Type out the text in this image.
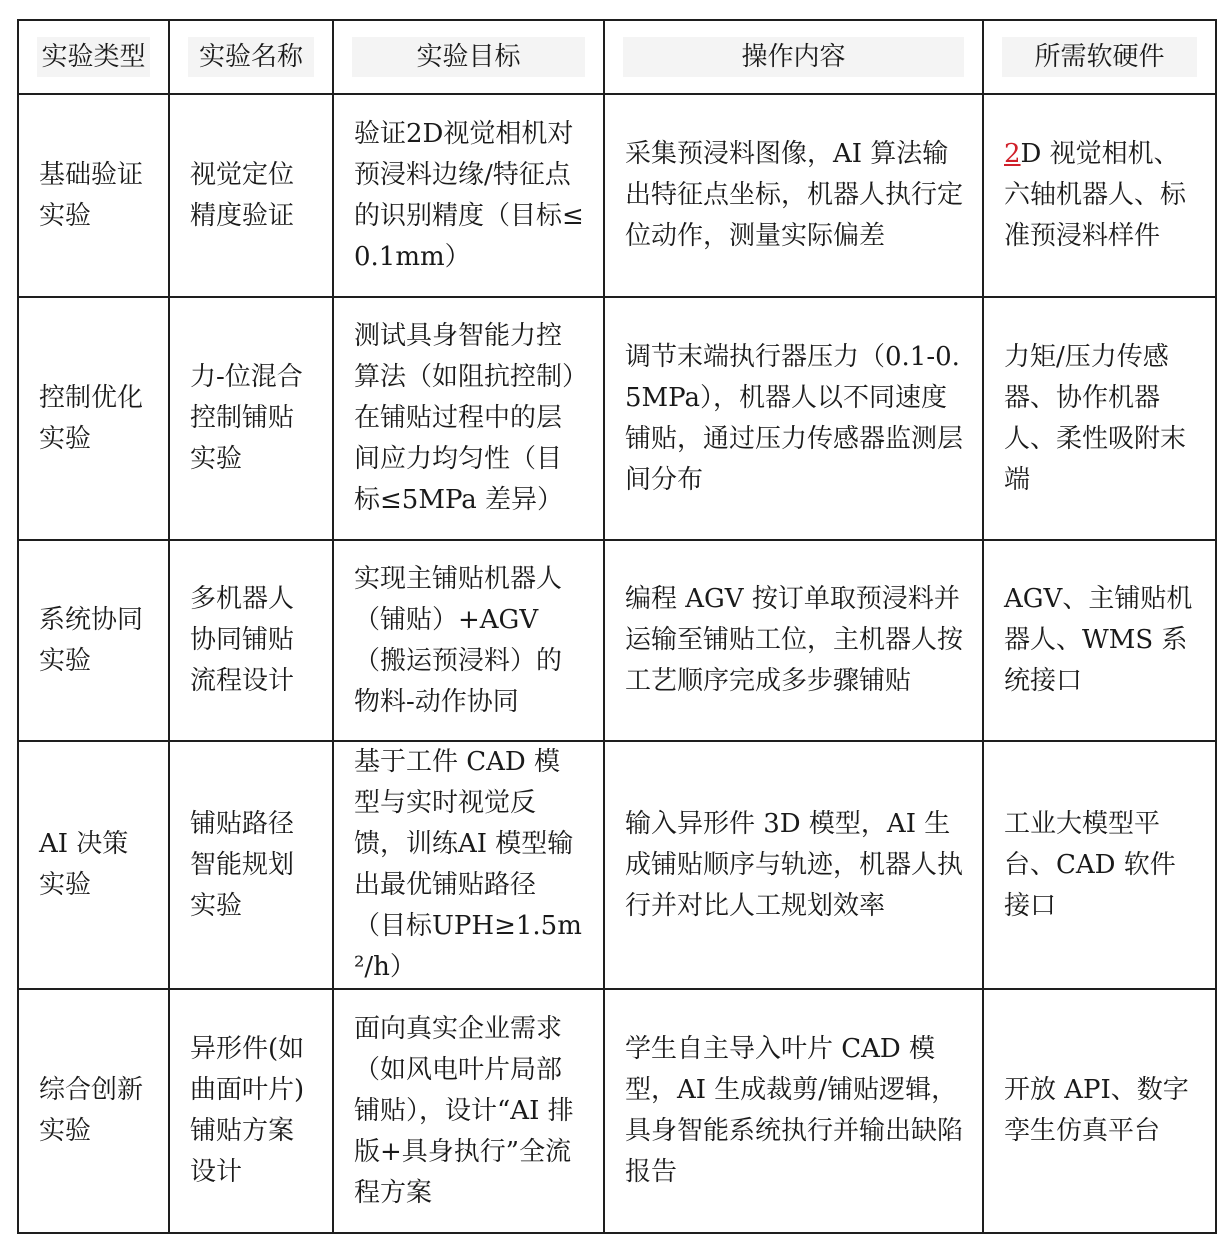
实验类型	实验名称	实验目标	操作内容	所需软硬件

基础验证实验	视觉定位精度验证	验证2D视觉相机对预浸料边缘/特征点的识别精度（目标≤0.1mm）	采集预浸料图像，AI 算法输出特征点坐标，机器人执行定位动作，测量实际偏差	2D 视觉相机、六轴机器人、标准预浸料样件
控制优化实验	力-位混合控制铺贴实验	测试具身智能力控算法（如阻抗控制）在铺贴过程中的层间应力均匀性（目标≤5MPa 差异）	调节末端执行器压力（0.1-0.5MPa），机器人以不同速度铺贴，通过压力传感器监测层间分布	力矩/压力传感器、协作机器人、柔性吸附末端
系统协同实验	多机器人协同铺贴流程设计	实现主铺贴机器人（铺贴）+AGV（搬运预浸料）的物料-动作协同	编程 AGV 按订单取预浸料并运输至铺贴工位，主机器人按工艺顺序完成多步骤铺贴	AGV、主铺贴机器人、WMS 系统接口
AI 决策实验	铺贴路径智能规划实验	基于工件 CAD 模型与实时视觉反馈，训练AI 模型输出最优铺贴路径（目标UPH≥1.5m²/h）	输入异形件 3D 模型，AI 生成铺贴顺序与轨迹，机器人执行并对比人工规划效率	工业大模型平台、CAD 软件接口
综合创新实验	异形件(如曲面叶片)铺贴方案设计	面向真实企业需求（如风电叶片局部铺贴），设计“AI 排版+具身执行”全流程方案	学生自主导入叶片 CAD 模型，AI 生成裁剪/铺贴逻辑，具身智能系统执行并输出缺陷报告	开放 API、数字孪生仿真平台
